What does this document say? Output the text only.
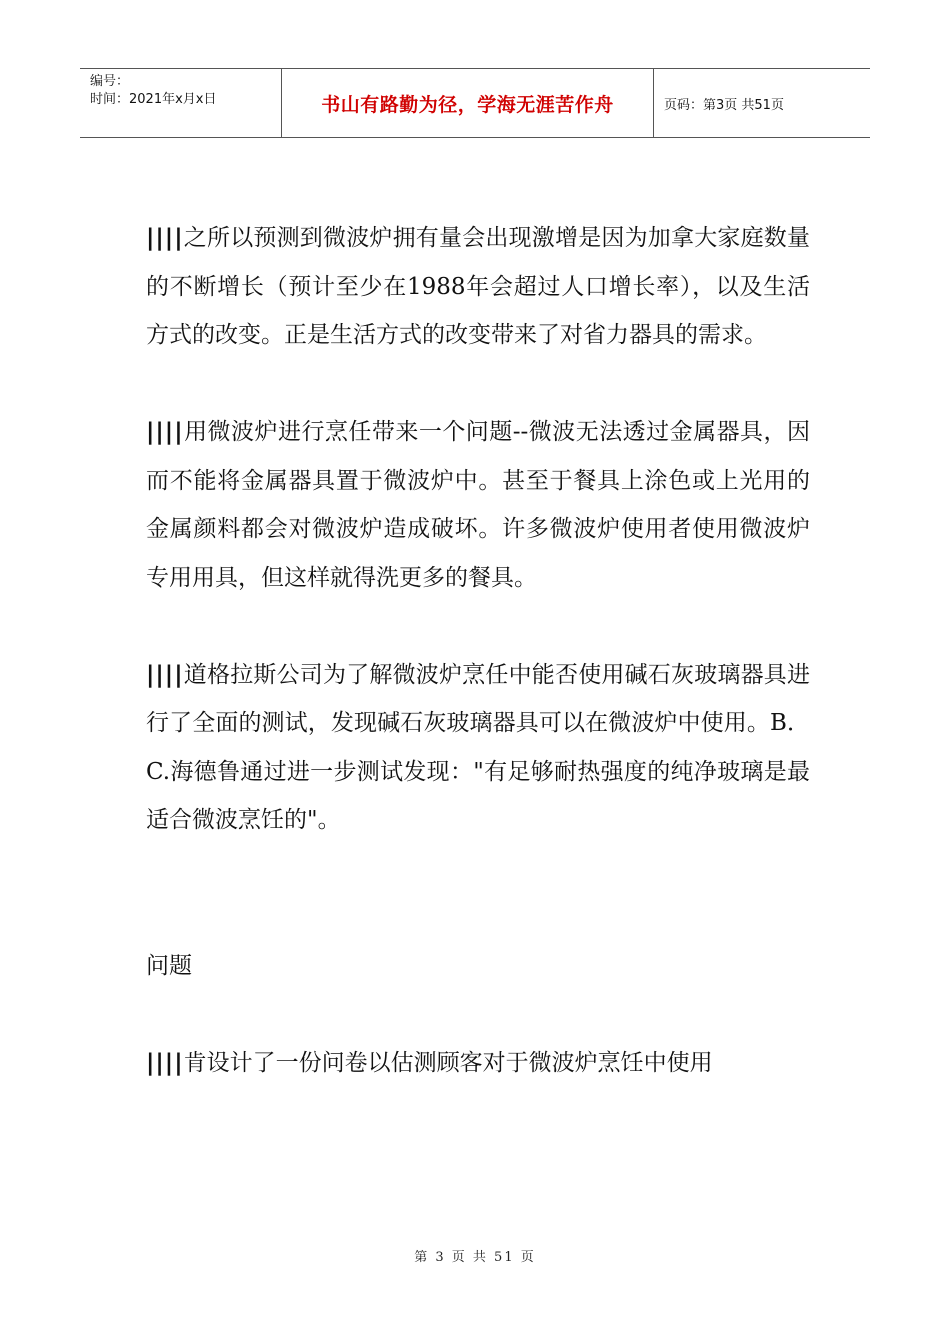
编号：
时间：2021年x月x日	书山有路勤为径，学海无涯苦作舟	页码：第3页 共51页

||||之所以预测到微波炉拥有量会出现激增是因为加拿大家庭数量的不断增长（预计至少在1988年会超过人口增长率），以及生活方式的改变。正是生活方式的改变带来了对省力器具的需求。

||||用微波炉进行烹任带来一个问题--微波无法透过金属器具，因而不能将金属器具置于微波炉中。甚至于餐具上涂色或上光用的金属颜料都会对微波炉造成破坏。许多微波炉使用者使用微波炉专用用具，但这样就得洗更多的餐具。

||||道格拉斯公司为了解微波炉烹任中能否使用碱石灰玻璃器具进行了全面的测试，发现碱石灰玻璃器具可以在微波炉中使用。B．C.海德鲁通过进一步测试发现："有足够耐热强度的纯净玻璃是最适合微波烹饪的"。

问题

||||肯设计了一份问卷以估测顾客对于微波炉烹饪中使用

第 3 页 共 51 页
